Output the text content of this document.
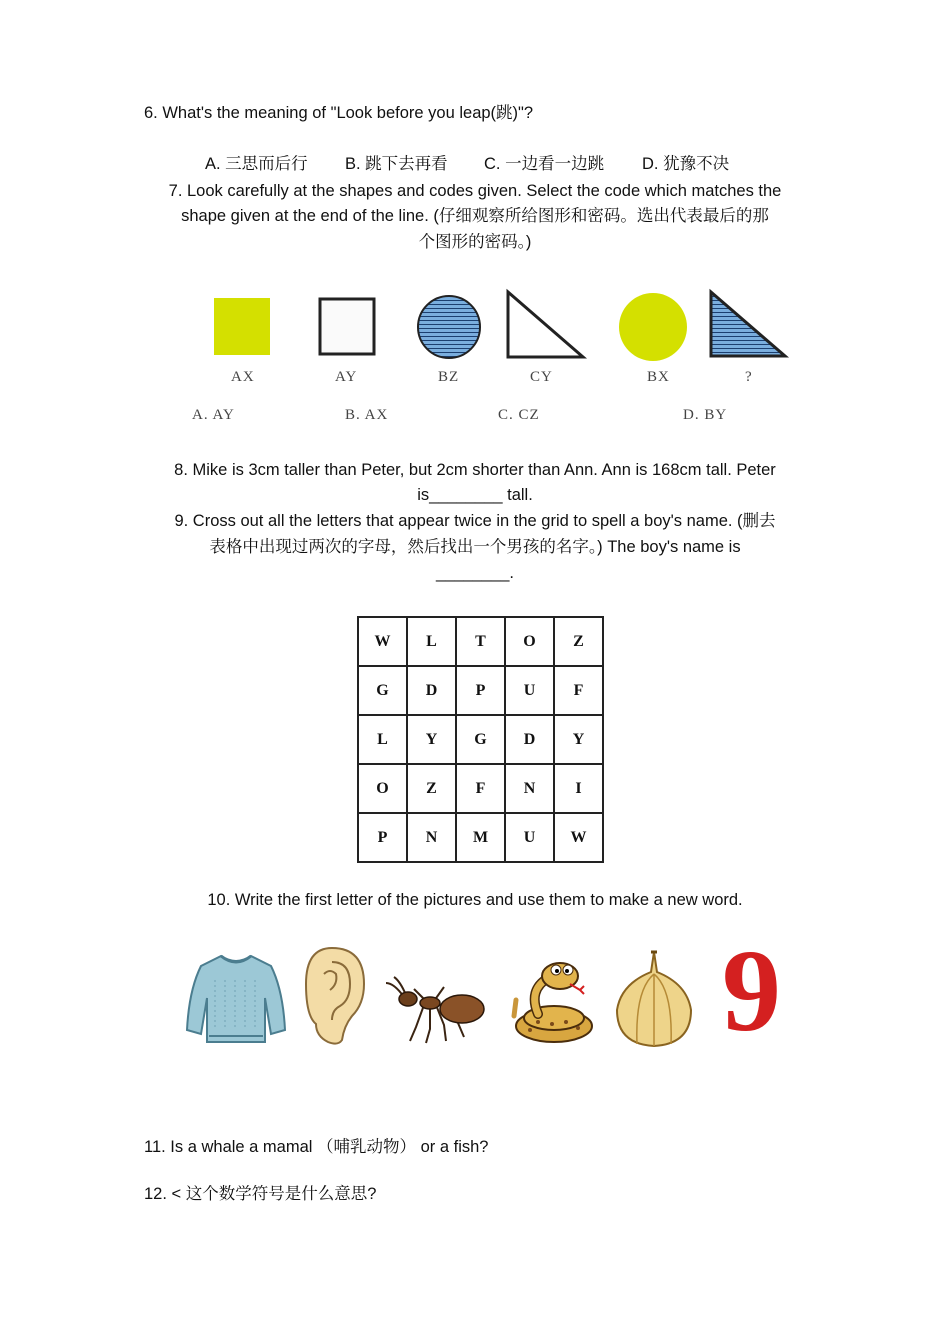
6. What's the meaning of "Look before you leap(跳)"?
A. 三思而后行 B. 跳下去再看 C. 一边看一边跳 D. 犹豫不决
7. Look carefully at the shapes and codes given. Select the code which matches the
shape given at the end of the line. (仔细观察所给图形和密码。选出代表最后的那
个图形的密码。)
AX	AY	BZ	CY	BX	?
A. AY	B. AX	C. CZ	D. BY
8. Mike is 3cm taller than Peter, but 2cm shorter than Ann. Ann is 168cm tall. Peter
is________ tall.
9. Cross out all the letters that appear twice in the grid to spell a boy's name. (删去
表格中出现过两次的字母，然后找出一个男孩的名字。) The boy's name is
________.
W	L	T	O	Z
G	D	P	U	F
L	Y	G	D	Y
O	Z	F	N	I
P	N	M	U	W
10. Write the first letter of the pictures and use them to make a new word.
9
11. Is a whale a mamal （哺乳动物） or a fish?
12. < 这个数学符号是什么意思?
